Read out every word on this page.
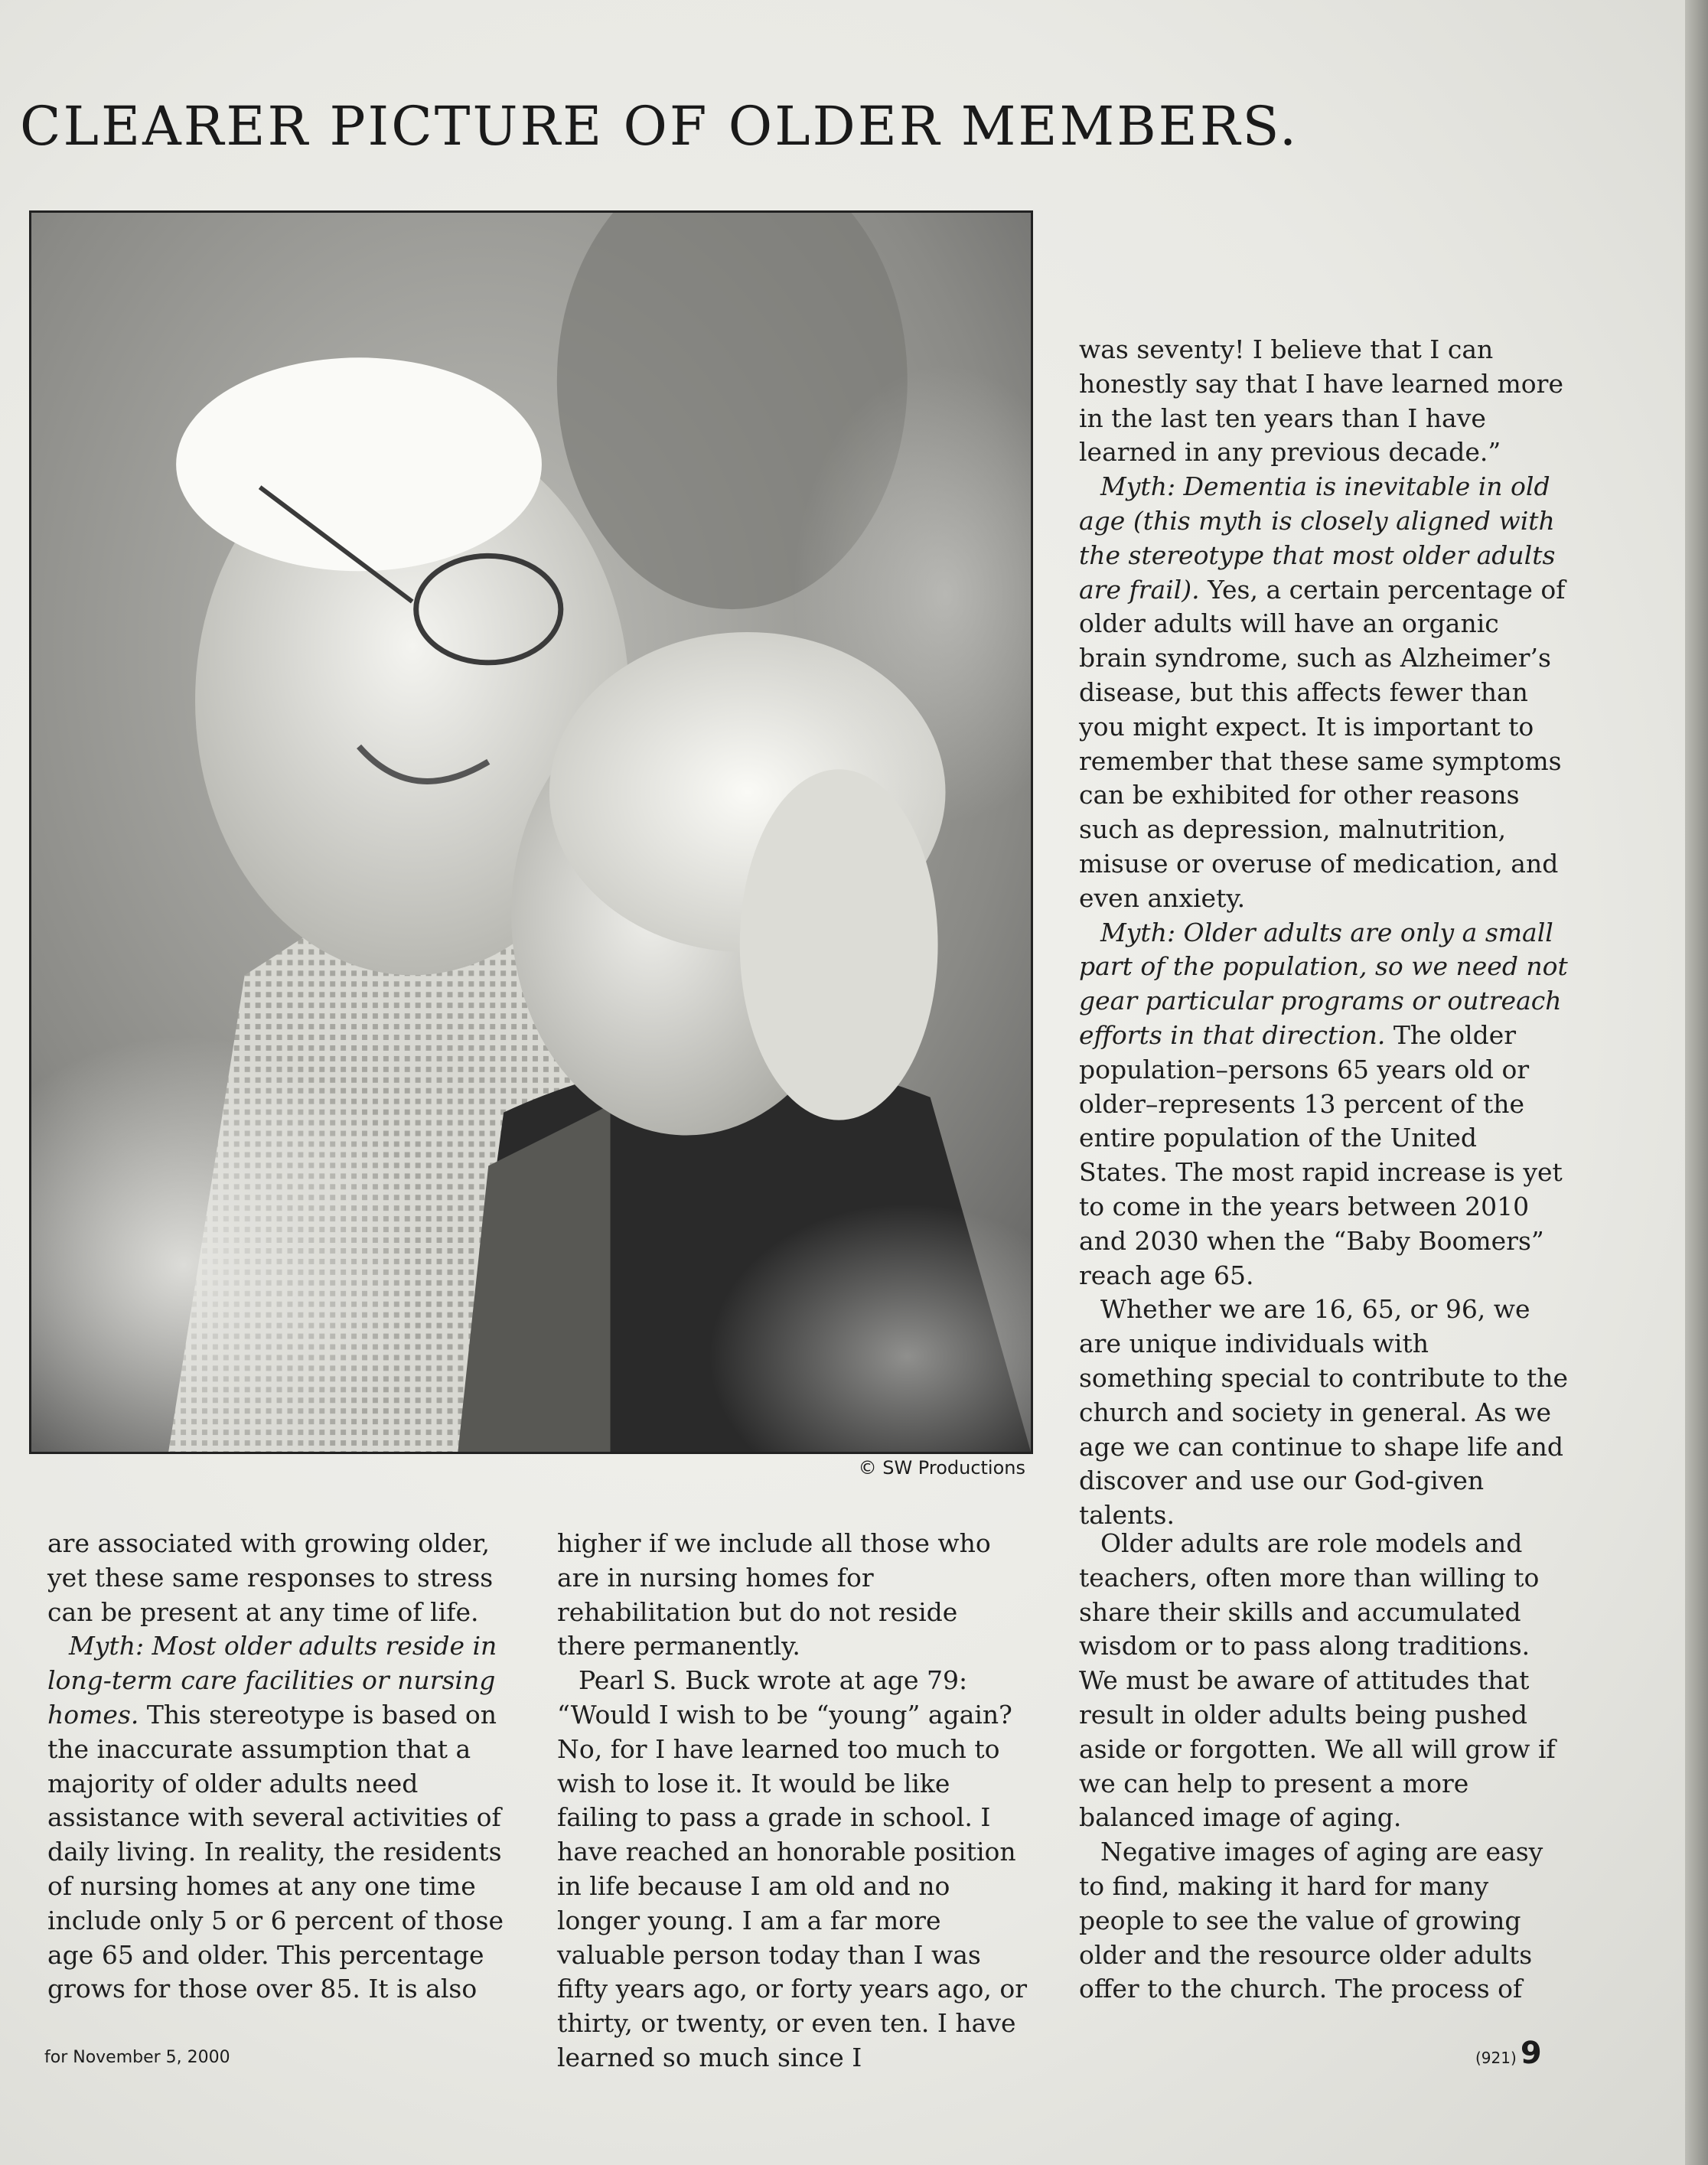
CLEARER PICTURE OF OLDER MEMBERS.
© SW Productions

was seventy! I believe that I can honestly say that I have learned more in the last ten years than I have learned in any previous decade.”

Myth: Dementia is inevitable in old age (this myth is closely aligned with the stereotype that most older adults are frail). Yes, a certain percentage of older adults will have an organic brain syndrome, such as Alzheimer’s disease, but this affects fewer than you might expect. It is important to remember that these same symptoms can be exhibited for other reasons such as depression, malnutrition, misuse or overuse of medication, and even anxiety.

Myth: Older adults are only a small part of the population, so we need not gear particular programs or outreach efforts in that direction. The older population–persons 65 years old or older–represents 13 percent of the entire population of the United States. The most rapid increase is yet to come in the years between 2010 and 2030 when the “Baby Boomers” reach age 65.

Whether we are 16, 65, or 96, we are unique individuals with something special to contribute to the church and society in general. As we age we can continue to shape life and discover and use our God-given talents.

are associated with growing older, yet these same responses to stress can be present at any time of life.

Myth: Most older adults reside in long-term care facilities or nursing homes. This stereotype is based on the inaccurate assumption that a majority of older adults need assistance with several activities of daily living. In reality, the residents of nursing homes at any one time include only 5 or 6 percent of those age 65 and older. This percentage grows for those over 85. It is also

higher if we include all those who are in nursing homes for rehabilitation but do not reside there permanently.

Pearl S. Buck wrote at age 79: “Would I wish to be “young” again? No, for I have learned too much to wish to lose it. It would be like failing to pass a grade in school. I have reached an honorable position in life because I am old and no longer young. I am a far more valuable person today than I was fifty years ago, or forty years ago, or thirty, or twenty, or even ten. I have learned so much since I

Older adults are role models and teachers, often more than willing to share their skills and accumulated wisdom or to pass along traditions. We must be aware of attitudes that result in older adults being pushed aside or forgotten. We all will grow if we can help to present a more balanced image of aging.

Negative images of aging are easy to find, making it hard for many people to see the value of growing older and the resource older adults offer to the church. The process of

for November 5, 2000	(921) 9
